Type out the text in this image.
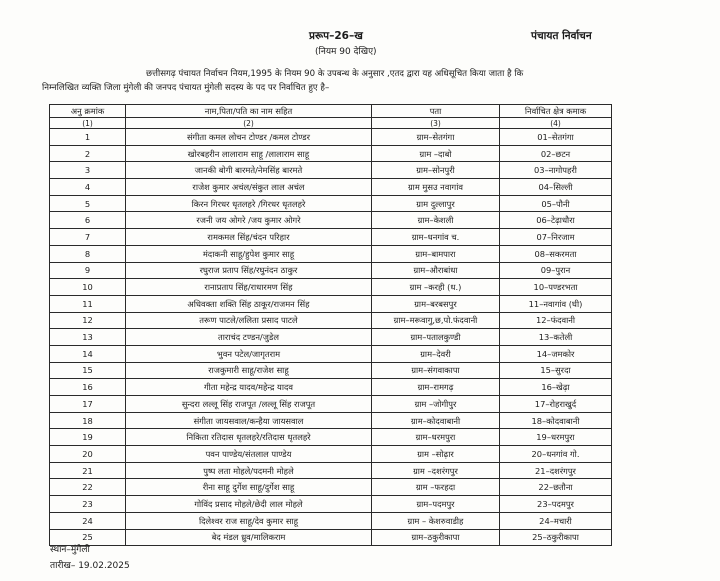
प्ररूप–26–ख	पंचायत निर्वाचन
(नियम 90 देखिए)
छत्तीसगढ़ पंचायत निर्वाचन नियम,1995 के नियम 90 के उपबन्ध के अनुसार ,एतद द्वारा यह अधिसूचित किया जाता है कि
निम्नलिखित व्यक्ति जिला मुंगेली की जनपद पंचायत मुंगेली सदस्य के पद पर निर्वाचित हुए है–
अनु क्रमांक	नाम,पिता/पति का नाम सहित	पता	निर्वाचित क्षेत्र कमाक
(1)	(2)	(3)	(4)
1	संगीता कमल लोचन टोण्डर /कमल टोण्डर	ग्राम–सेतगंगा	01–सेतगंगा
2	खोरबहरीन लालाराम साहू /लालाराम साहू	ग्राम –दाबो	02–छटन
3	जानकी बोगी बारमते/नेमसिंह बारमते	ग्राम–सोनपुरी	03–नागोपहरी
4	राजेश कुमार अचंल/संकुत लाल अचंल	ग्राम मुसउ नवागांव	04–सिल्ली
5	किरन गिरधर धृतलहरे /गिरधर धृतलहरे	ग्राम दुल्लापुर	05–पौनी
6	रजनी जय ओगरे /जय कुमार ओगरे	ग्राम–केशली	06–टेढ़ाधौरा
7	रामकमल सिंह/चंदन परिहार	ग्राम–धनगांव च.	07–निरजाम
8	मंदाकनी साहू/हुपेश कुमार साहू	ग्राम–बामपारा	08–सकरमता
9	रघुराज प्रताप सिंह/रघुनंदन ठाकुर	ग्राम–औराबांधा	09–पुरान
10	रानाप्रताप सिंह/राधारमण सिंह	ग्राम –करही (ध.)	10–पण्डरभता
11	अधिवक्ता शक्ति सिंह ठाकूर/राजमन सिंह	ग्राम–बरबसपुर	11–नवागांव (घी)
12	तरूण पाटले/ललिता प्रसाद पाटले	ग्राम–मरूवागु,छ,पो.फंदवानी	12–फंदवानी
13	ताराचंद टण्डन/जुडेल	ग्राम–पतालकुण्डी	13–कतेली
14	भुवन पटेल/जागृतराम	ग्राम–देवरी	14–जमकोर
15	राजकुमारी साहू/राजेश साहू	ग्राम–संगवाकापा	15–सुरदा
16	गीता महेन्द्र यादव/महेन्द्र यादव	ग्राम–रामगढ़	16–खेढ़ा
17	सुन्दरा लल्लू सिंह राजपूत /लल्लू सिंह राजपूत	ग्राम –जोगीपुर	17–रोहराखुर्द
18	संगीता जायसवाल/कन्हैया जायसवाल	ग्राम–कोदवाबानी	18–कोदवाबानी
19	निकिता रतिदास धृतलहरे/रतिदास धृतलहरे	ग्राम–धरमपुरा	19–धरमपुरा
20	पवन पाण्डेय/संतलाल पाण्डेय	ग्राम –सोढ़ार	20–धनगांव गो.
21	पुष्प लता मोहले/पदमनी मोहले	ग्राम –दशरंगपुर	21–दशरंगपुर
22	रीना साहू दुर्गेश साहू/दुर्गेश साहू	ग्राम –फरहदा	22–छतौना
23	गोविंद प्रसाद मोहले/छेदी लाल मोहले	ग्राम–पदमपुर	23–पदमपुर
24	दिलेश्वर राज साहू/देव कुमार साहू	ग्राम – केशरुवाडीह	24–मचारी
25	बेद मंडल ध्रुव/मालिकराम	ग्राम–ठकुरीकापा	25–ठकुरीकापा
स्थान–मुंगेली
तारीख– 19.02.2025
